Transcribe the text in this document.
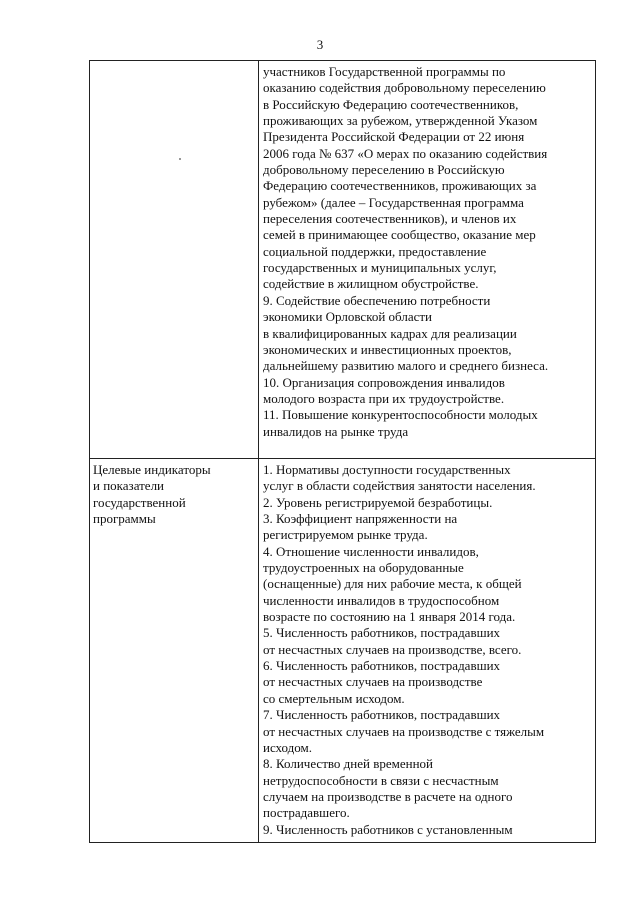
3
участников Государственной программы по
оказанию содействия добровольному переселению
в Российскую Федерацию соотечественников,
проживающих за рубежом, утвержденной Указом
Президента Российской Федерации от 22 июня
2006 года № 637 «О мерах по оказанию содействия
добровольному переселению в Российскую
Федерацию соотечественников, проживающих за
рубежом» (далее – Государственная программа
переселения соотечественников), и членов их
семей в принимающее сообщество, оказание мер
социальной поддержки, предоставление
государственных и муниципальных услуг,
содействие в жилищном обустройстве.
9. Содействие обеспечению потребности
экономики Орловской области
в квалифицированных кадрах для реализации
экономических и инвестиционных проектов,
дальнейшему развитию малого и среднего бизнеса.
10. Организация сопровождения инвалидов
молодого возраста при их трудоустройстве.
11. Повышение конкурентоспособности молодых
инвалидов на рынке труда
Целевые индикаторы
и показатели
государственной
программы
1. Нормативы доступности государственных
услуг в области содействия занятости населения.
2. Уровень регистрируемой безработицы.
3. Коэффициент напряженности на
регистрируемом рынке труда.
4. Отношение численности инвалидов,
трудоустроенных на оборудованные
(оснащенные) для них рабочие места, к общей
численности инвалидов в трудоспособном
возрасте по состоянию на 1 января 2014 года.
5. Численность работников, пострадавших
от несчастных случаев на производстве, всего.
6. Численность работников, пострадавших
от несчастных случаев на производстве
со смертельным исходом.
7. Численность работников, пострадавших
от несчастных случаев на производстве с тяжелым
исходом.
8. Количество дней временной
нетрудоспособности в связи с несчастным
случаем на производстве в расчете на одного
пострадавшего.
9. Численность работников с установленным
